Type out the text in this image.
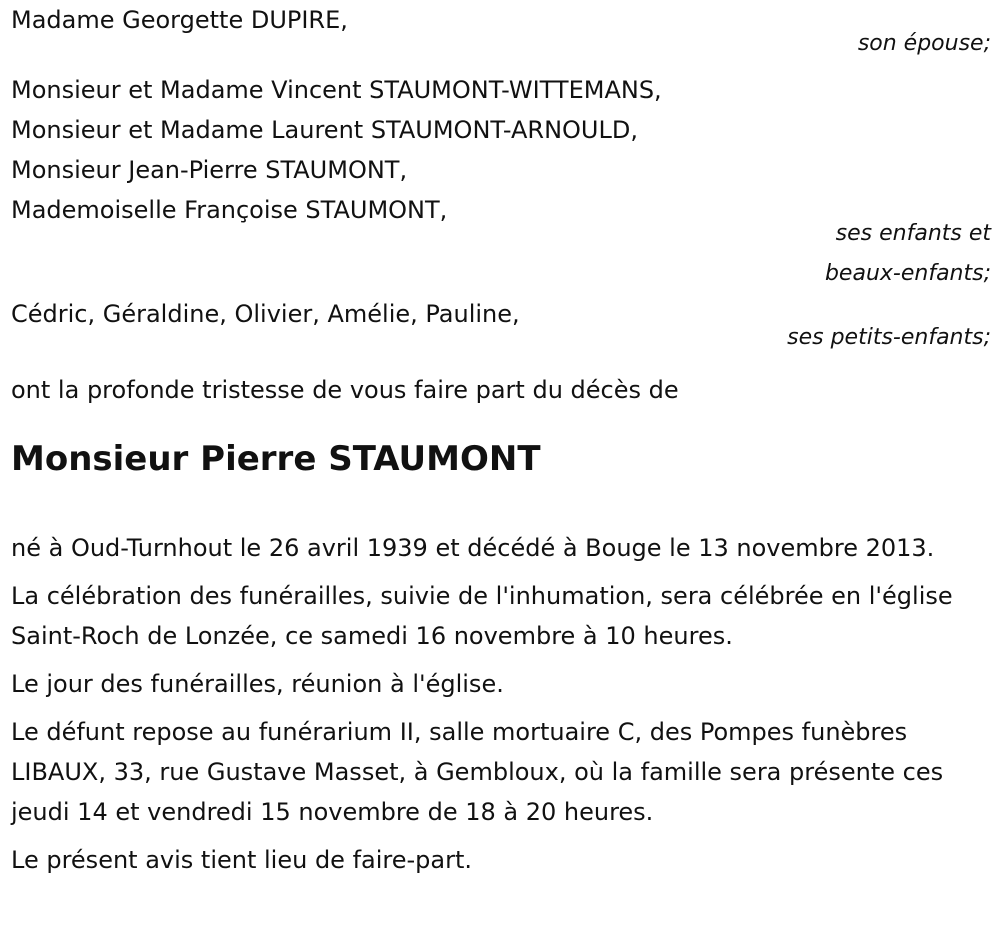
Madame Georgette DUPIRE,

son épouse;

Monsieur et Madame Vincent STAUMONT-WITTEMANS,

Monsieur et Madame Laurent STAUMONT-ARNOULD,

Monsieur Jean-Pierre STAUMONT,

Mademoiselle Françoise STAUMONT,

ses enfants et

beaux-enfants;

Cédric, Géraldine, Olivier, Amélie, Pauline,

ses petits-enfants;

ont la profonde tristesse de vous faire part du décès de

Monsieur Pierre STAUMONT

né à Oud-Turnhout le 26 avril 1939 et décédé à Bouge le 13 novembre 2013.

La célébration des funérailles, suivie de l'inhumation, sera célébrée en l'église Saint-Roch de Lonzée, ce samedi 16 novembre à 10 heures.

Le jour des funérailles, réunion à l'église.

Le défunt repose au funérarium II, salle mortuaire C, des Pompes funèbres LIBAUX, 33, rue Gustave Masset, à Gembloux, où la famille sera présente ces jeudi 14 et vendredi 15 novembre de 18 à 20 heures.

Le présent avis tient lieu de faire-part.
